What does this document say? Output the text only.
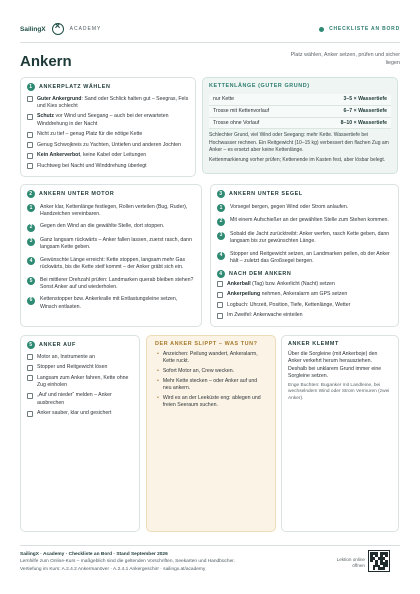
SailingX
×	ACADEMY	CHECKLISTE AN BORD
Ankern	Platz wählen, Anker setzen, prüfen und sicher liegen
1	ANKERPLATZ WÄHLEN
Guter Ankergrund: Sand oder Schlick halten gut – Seegras, Fels und Kies schlecht
Schutz vor Wind und Seegang – auch bei der erwarteten Winddrehung in der Nacht
Nicht zu tief – genug Platz für die nötige Kette
Genug Schwojkreis zu Yachten, Untiefen und anderen Jochten
Kein Ankerverbot, keine Kabel oder Leitungen
Fluchtweg bei Nacht und Winddrehung überlegt
KETTENLÄNGE (GUTER GRUND)
nur Kette	3–5 × Wassertiefe
Trosse mit Kettenvorlauf	6–7 × Wassertiefe
Trosse ohne Vorlauf	8–10 × Wassertiefe
Schlechter Grund, viel Wind oder Seegang: mehr Kette. Wassertiefe bei Hochwasser rechnen. Ein Reitgewicht (10–15 kg) verbessert den flachen Zug am Anker – es ersetzt aber keine Kettenlänge.
Kettenmarkierung vorher prüfen; Kettenende im Kasten fest, aber lösbar belegt.
2	ANKERN UNTER MOTOR
1	Anker klar, Kettenlänge festlegen, Rollen verteilen (Bug, Ruder), Handzeichen vereinbaren.
2	Gegen den Wind an die gewählte Stelle, dort stoppen.
3	Ganz langsam rückwärts – Anker fallen lassen, zuerst rasch, dann langsam Kette geben.
4	Gewünschte Länge erreicht: Kette stoppen, langsam mehr Gas rückwärts, bis die Kette steif kommt – der Anker gräbt sich ein.
5	Bei mittlerer Drehzahl prüfen: Landmarken querab bleiben stehen? Sonst Anker auf und wiederholen.
6	Kettenstopper bzw. Ankerkralle mit Entlastungsleine setzen, Winsch entlasten.
3	ANKERN UNTER SEGEL
1	Vorsegel bergen, gegen Wind oder Strom anlaufen.
2	Mit einem Aufschießer an der gewählten Stelle zum Stehen kommen.
3	Sobald die Jacht zurücktreibt: Anker werfen, rasch Kette geben, dann langsam bis zur gewünschten Länge.
4	Stopper und Reitgewicht setzen, an Landmarken peilen, ob der Anker hält – zuletzt das Großsegel bergen.
4	NACH DEM ANKERN
Ankerball (Tag) bzw. Ankerlicht (Nacht) setzen
Ankerpeilung nehmen, Ankeralarm am GPS setzen
Logbuch: Uhrzeit, Position, Tiefe, Kettenlänge, Wetter
Im Zweifel: Ankerwache einteilen
5	ANKER AUF
Motor an, Instrumente an
Stopper und Reitgewicht lösen
Langsam zum Anker fahren, Kette ohne Zug einholen
„Auf und nieder“ melden – Anker ausbrechen
Anker sauber, klar und gesichert
DER ANKER SLIPPT – WAS TUN?
• Anzeichen: Peilung wandert, Ankeralarm, Kette ruckt.
• Sofort Motor an, Crew wecken.
• Mehr Kette stecken – oder Anker auf und neu ankern.
• Wird es an der Leeküste eng: ablegen und freien Seeraum suchen.
ANKER KLEMMT

Über die Sorgleine (mit Ankerboje) den Anker verkehrt herum herausziehen. Deshalb bei unklarem Grund immer eine Sorgleine setzen.

Enge Buchten: Buganker mit Landleine, bei wechselndem Wind oder Strom Vermuren (zwei Anker).

SailingX · Academy · Checkliste an Bord · Stand September 2026
Lernhilfe zum Online-Kurs – maßgeblich sind die geltenden Vorschriften, Seekarten und Handbücher.
Vertiefung im Kurs: A.2.4.2 Ankermanöver · A.2.4.1 Ankergeschirr · sailingx.at/academy
Lektion online öffnen
